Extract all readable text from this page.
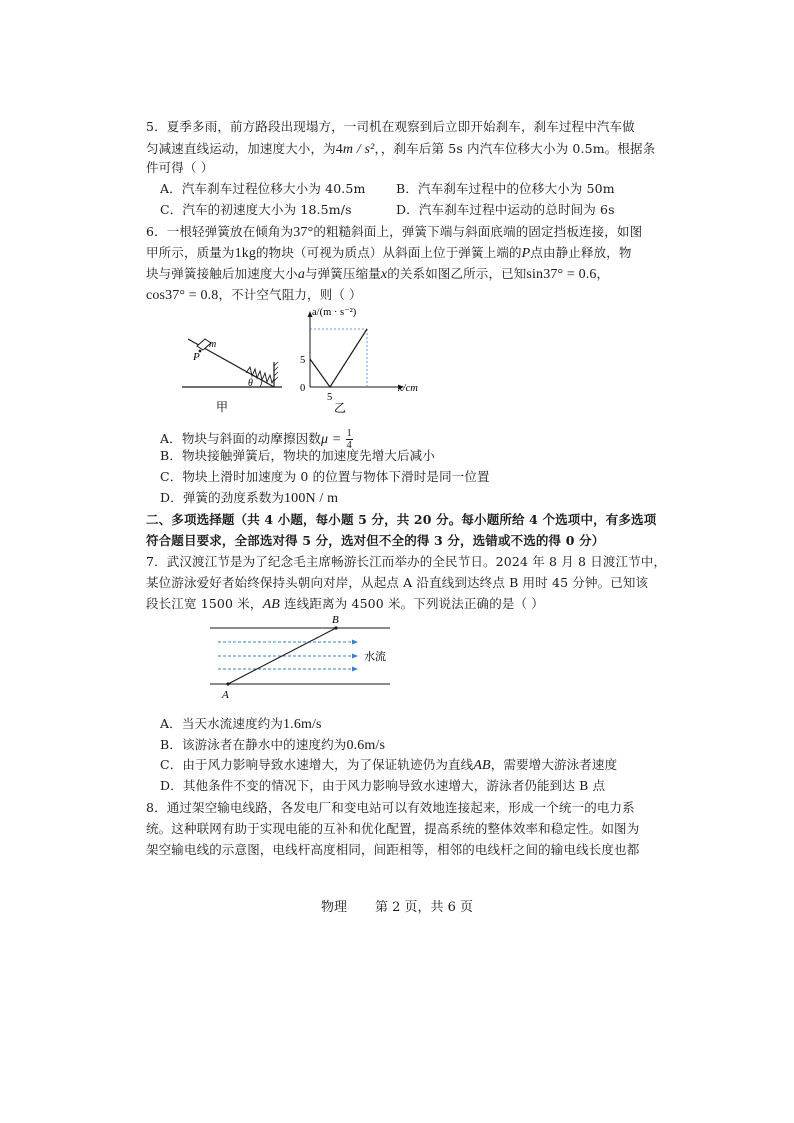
5．夏季多雨，前方路段出现塌方，一司机在观察到后立即开始刹车，刹车过程中汽车做
匀减速直线运动，加速度大小，为4m / s²，，刹车后第 5s 内汽车位移大小为 0.5m。根据条
件可得（ ）
A．汽车刹车过程位移大小为 40.5m	B．汽车刹车过程中的位移大小为 50m
C．汽车的初速度大小为 18.5m/s	D．汽车刹车过程中运动的总时间为 6s
6．一根轻弹簧放在倾角为37°的粗糙斜面上，弹簧下端与斜面底端的固定挡板连接，如图
甲所示，质量为1kg的物块（可视为质点）从斜面上位于弹簧上端的P点由静止释放，物
块与弹簧接触后加速度大小a与弹簧压缩量x的关系如图乙所示，已知sin37° = 0.6，
cos37° = 0.8，不计空气阻力，则（ ）
m
P
θ
甲
a/(m · s⁻²)
x/cm
5
0
5
乙
A．物块与斜面的动摩擦因数$\mu = \frac{1}{4}$
B．物块接触弹簧后，物块的加速度先增大后减小
C．物块上滑时加速度为 0 的位置与物体下滑时是同一位置
D．弹簧的劲度系数为100N / m
二、多项选择题（共 4 小题，每小题 5 分，共 20 分。每小题所给 4 个选项中，有多选项
符合题目要求，全部选对得 5 分，选对但不全的得 3 分，选错或不选的得 0 分）
7．武汉渡江节是为了纪念毛主席畅游长江而举办的全民节日。2024 年 8 月 8 日渡江节中，
某位游泳爱好者始终保持头朝向对岸，从起点 A 沿直线到达终点 B 用时 45 分钟。已知该
段长江宽 1500 米，AB 连线距离为 4500 米。下列说法正确的是（ ）
A
B
水流
A．当天水流速度约为1.6m/s
B．该游泳者在静水中的速度约为0.6m/s
C．由于风力影响导致水速增大，为了保证轨迹仍为直线AB，需要增大游泳者速度
D．其他条件不变的情况下，由于风力影响导致水速增大，游泳者仍能到达 B 点
8．通过架空输电线路，各发电厂和变电站可以有效地连接起来，形成一个统一的电力系
统。这种联网有助于实现电能的互补和优化配置，提高系统的整体效率和稳定性。如图为
架空输电线的示意图，电线杆高度相同，间距相等，相邻的电线杆之间的输电线长度也都
物理 第 2 页，共 6 页
